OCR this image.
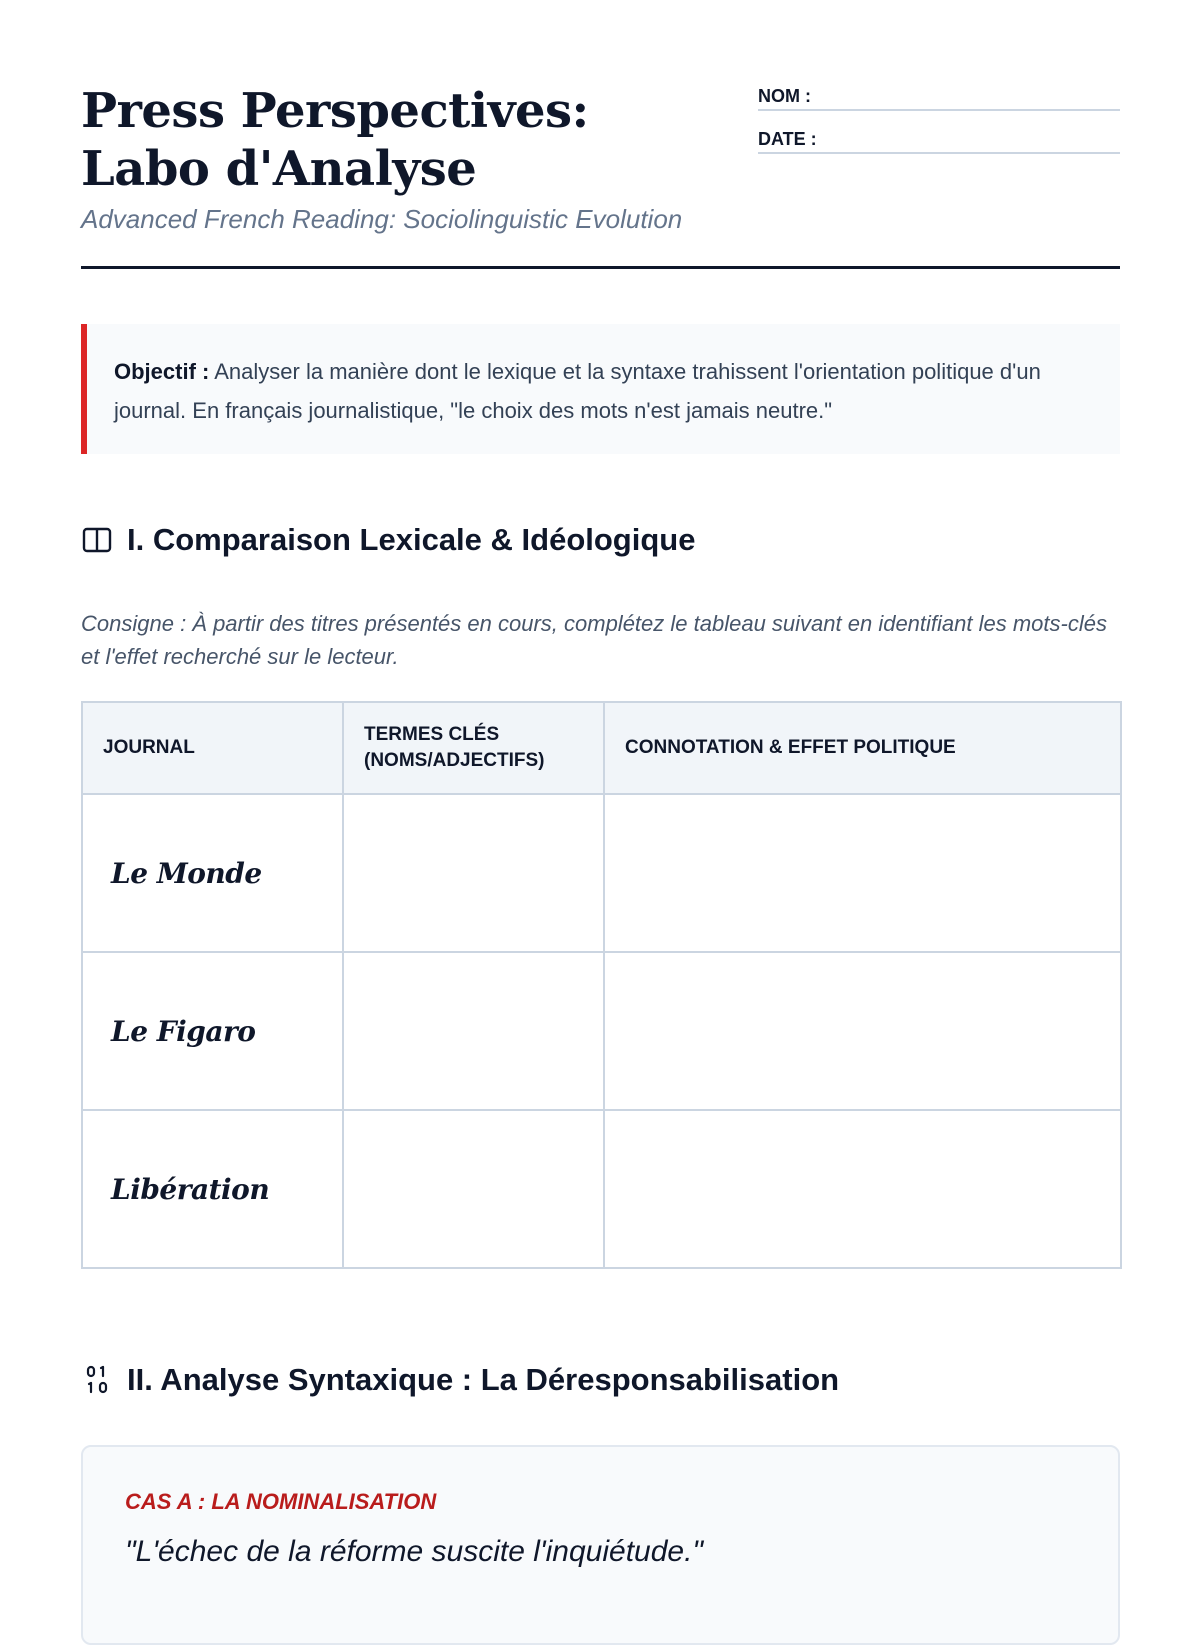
Press Perspectives: Labo d'Analyse

Advanced French Reading: Sociolinguistic Evolution

NOM :
DATE :
Objectif : Analyser la manière dont le lexique et la syntaxe trahissent l'orientation politique d'un journal. En français journalistique, "le choix des mots n'est jamais neutre."
I. Comparaison Lexicale & Idéologique

Consigne : À partir des titres présentés en cours, complétez le tableau suivant en identifiant les mots-clés et l'effet recherché sur le lecteur.

JOURNAL	TERMES CLÉS (NOMS/ADJECTIFS)	CONNOTATION & EFFET POLITIQUE
Le Monde		
Le Figaro		
Libération		
II. Analyse Syntaxique : La Déresponsabilisation

CAS A : LA NOMINALISATION

"L'échec de la réforme suscite l'inquiétude."
